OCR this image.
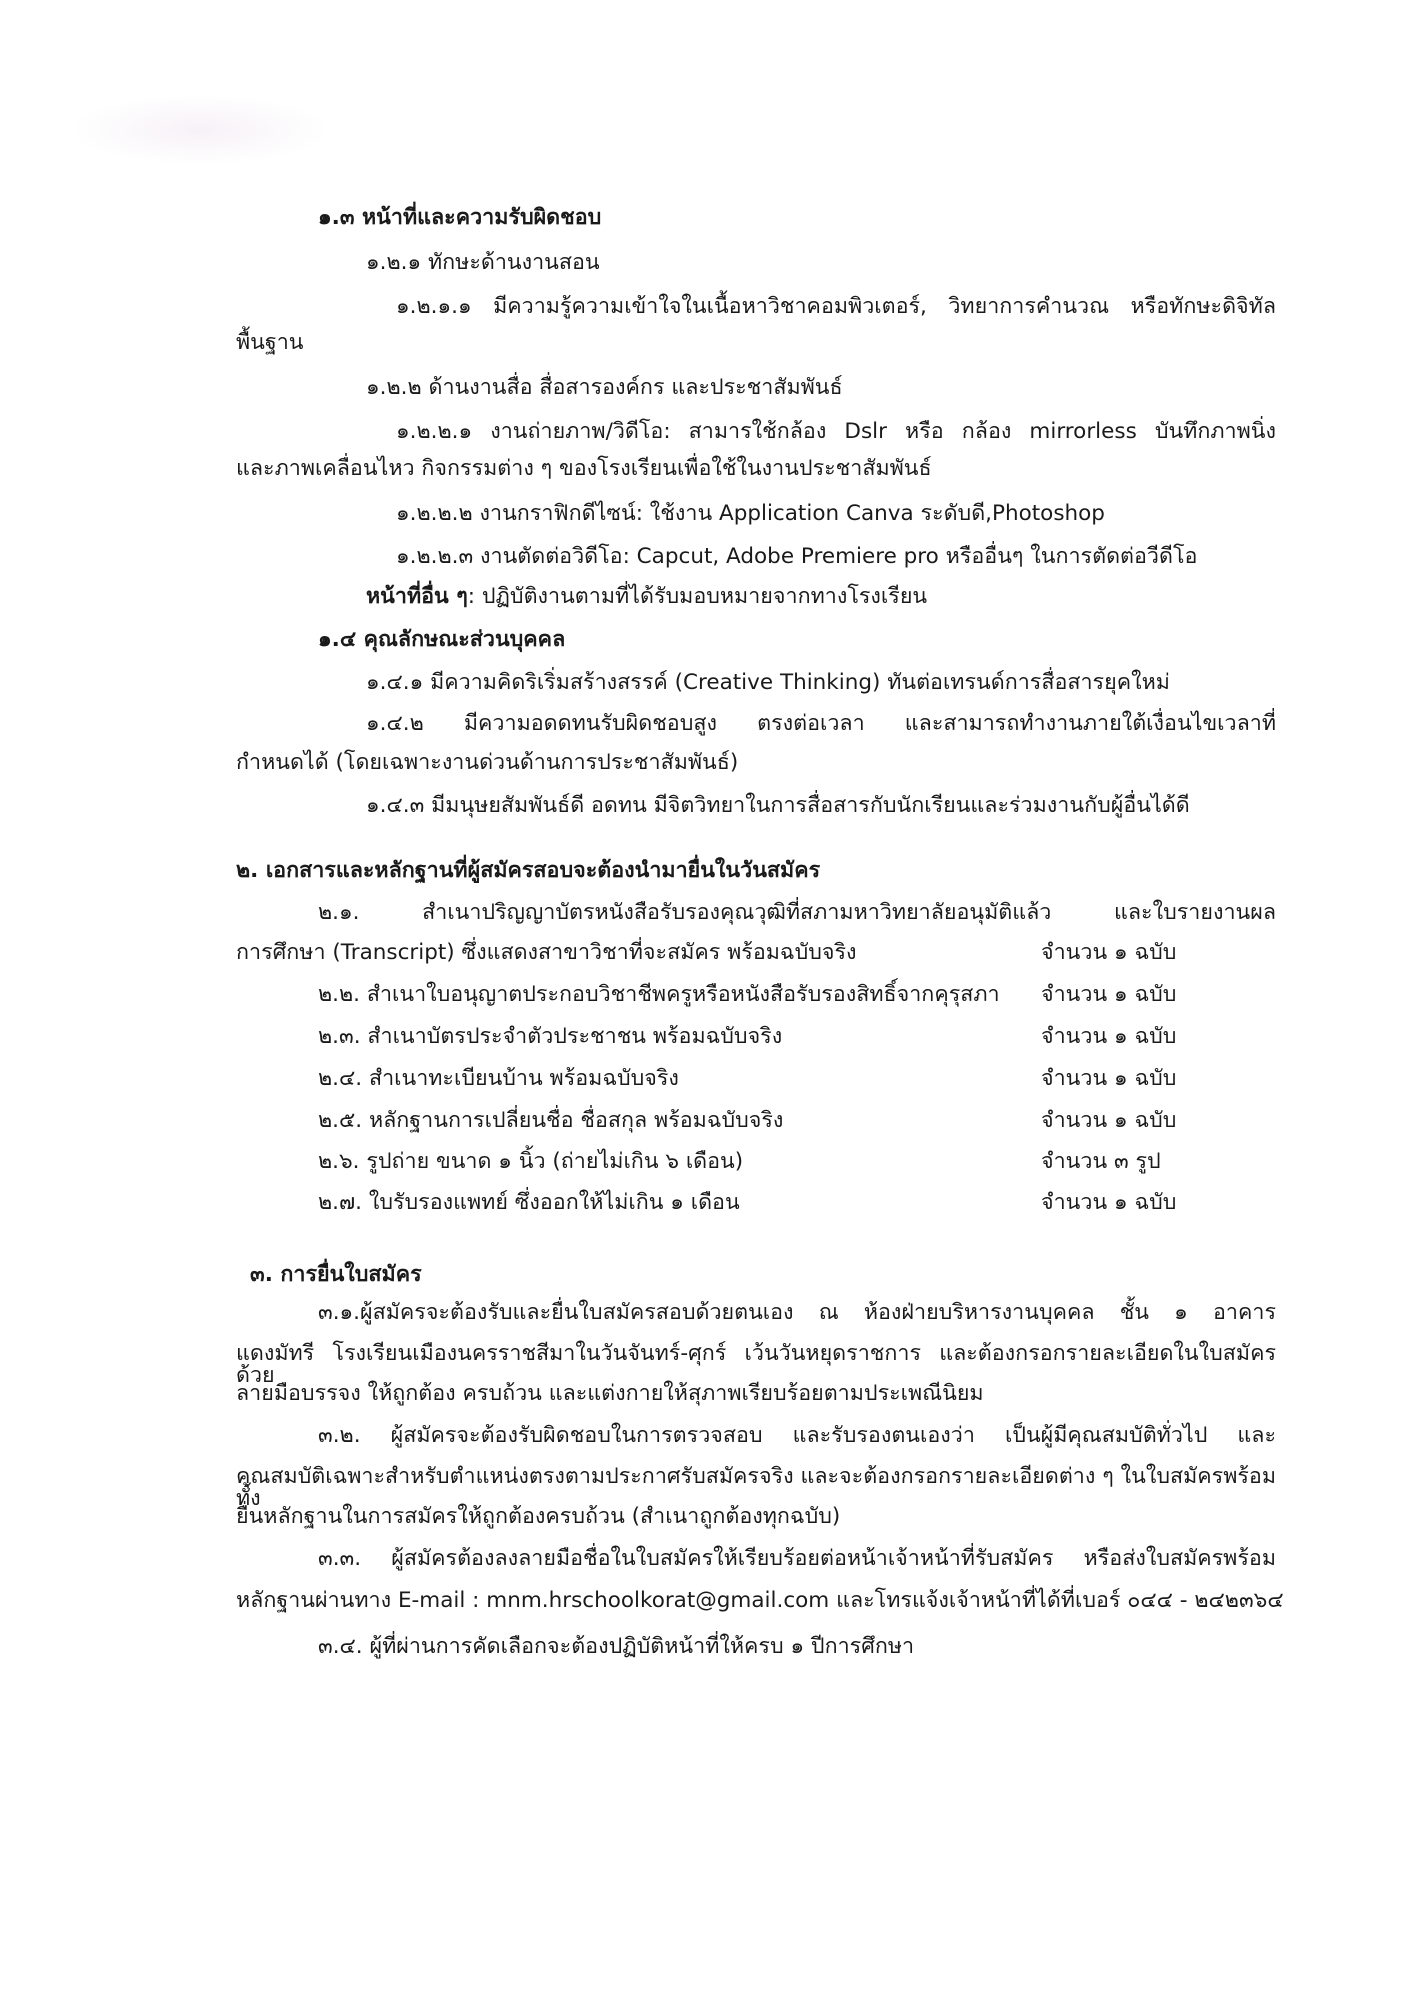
๑.๓ หน้าที่และความรับผิดชอบ
๑.๒.๑ ทักษะด้านงานสอน
๑.๒.๑.๑ มีความรู้ความเข้าใจในเนื้อหาวิชาคอมพิวเตอร์, วิทยาการคำนวณ หรือทักษะดิจิทัล
พื้นฐาน
๑.๒.๒ ด้านงานสื่อ สื่อสารองค์กร และประชาสัมพันธ์
๑.๒.๒.๑ งานถ่ายภาพ/วิดีโอ: สามารใช้กล้อง Dslr หรือ กล้อง mirrorless บันทึกภาพนิ่ง
และภาพเคลื่อนไหว กิจกรรมต่าง ๆ ของโรงเรียนเพื่อใช้ในงานประชาสัมพันธ์
๑.๒.๒.๒ งานกราฟิกดีไซน์: ใช้งาน Application Canva ระดับดี,Photoshop
๑.๒.๒.๓ งานตัดต่อวิดีโอ: Capcut, Adobe Premiere pro หรืออื่นๆ ในการตัดต่อวีดีโอ
หน้าที่อื่น ๆ: ปฏิบัติงานตามที่ได้รับมอบหมายจากทางโรงเรียน
๑.๔ คุณลักษณะส่วนบุคคล
๑.๔.๑ มีความคิดริเริ่มสร้างสรรค์ (Creative Thinking) ทันต่อเทรนด์การสื่อสารยุคใหม่
๑.๔.๒ มีความอดดทนรับผิดชอบสูง ตรงต่อเวลา และสามารถทำงานภายใต้เงื่อนไขเวลาที่
กำหนดได้ (โดยเฉพาะงานด่วนด้านการประชาสัมพันธ์)
๑.๔.๓ มีมนุษยสัมพันธ์ดี อดทน มีจิตวิทยาในการสื่อสารกับนักเรียนและร่วมงานกับผู้อื่นได้ดี
๒. เอกสารและหลักฐานที่ผู้สมัครสอบจะต้องนำมายื่นในวันสมัคร
๒.๑. สำเนาปริญญาบัตรหนังสือรับรองคุณวุฒิที่สภามหาวิทยาลัยอนุมัติแล้ว และใบรายงานผล
การศึกษา (Transcript) ซึ่งแสดงสาขาวิชาที่จะสมัคร พร้อมฉบับจริง	จำนวน ๑ ฉบับ
๒.๒. สำเนาใบอนุญาตประกอบวิชาชีพครูหรือหนังสือรับรองสิทธิ์จากคุรุสภา จำนวน ๑ ฉบับ
๒.๓. สำเนาบัตรประจำตัวประชาชน พร้อมฉบับจริง	จำนวน ๑ ฉบับ
๒.๔. สำเนาทะเบียนบ้าน พร้อมฉบับจริง	จำนวน ๑ ฉบับ
๒.๕. หลักฐานการเปลี่ยนชื่อ ชื่อสกุล พร้อมฉบับจริง	จำนวน ๑ ฉบับ
๒.๖. รูปถ่าย ขนาด ๑ นิ้ว (ถ่ายไม่เกิน ๖ เดือน)	จำนวน ๓ รูป
๒.๗. ใบรับรองแพทย์ ซึ่งออกให้ไม่เกิน ๑ เดือน	จำนวน ๑ ฉบับ
๓. การยื่นใบสมัคร
๓.๑.ผู้สมัครจะต้องรับและยื่นใบสมัครสอบด้วยตนเอง ณ ห้องฝ่ายบริหารงานบุคคล ชั้น ๑ อาคาร
แดงมัทรี โรงเรียนเมืองนครราชสีมาในวันจันทร์-ศุกร์ เว้นวันหยุดราชการ และต้องกรอกรายละเอียดในใบสมัครด้วย
ลายมือบรรจง ให้ถูกต้อง ครบถ้วน และแต่งกายให้สุภาพเรียบร้อยตามประเพณีนิยม
๓.๒. ผู้สมัครจะต้องรับผิดชอบในการตรวจสอบ และรับรองตนเองว่า เป็นผู้มีคุณสมบัติทั่วไป และ
คุณสมบัติเฉพาะสำหรับตำแหน่งตรงตามประกาศรับสมัครจริง และจะต้องกรอกรายละเอียดต่าง ๆ ในใบสมัครพร้อมทั้ง
ยื่นหลักฐานในการสมัครให้ถูกต้องครบถ้วน (สำเนาถูกต้องทุกฉบับ)
๓.๓. ผู้สมัครต้องลงลายมือชื่อในใบสมัครให้เรียบร้อยต่อหน้าเจ้าหน้าที่รับสมัคร หรือส่งใบสมัครพร้อม
หลักฐานผ่านทาง E-mail : mnm.hrschoolkorat@gmail.com และโทรแจ้งเจ้าหน้าที่ได้ที่เบอร์ ๐๔๔ - ๒๔๒๓๖๔
๓.๔. ผู้ที่ผ่านการคัดเลือกจะต้องปฏิบัติหน้าที่ให้ครบ ๑ ปีการศึกษา
